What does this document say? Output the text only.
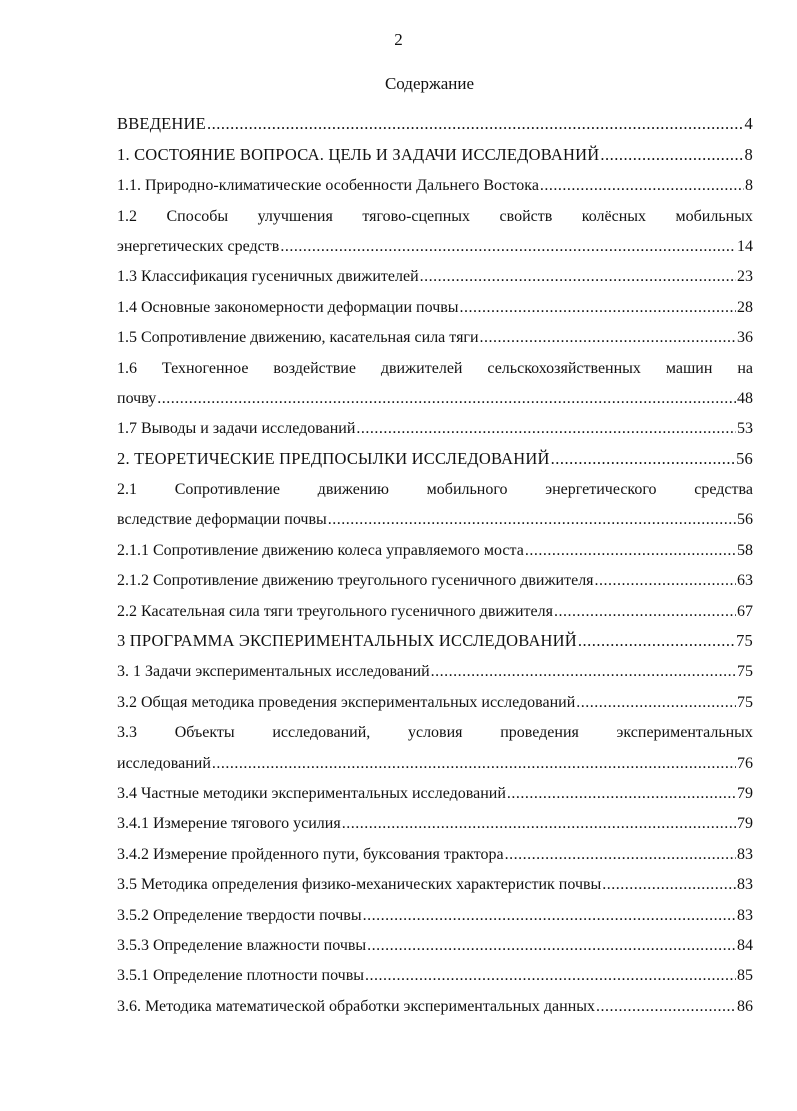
2
Содержание
ВВЕДЕНИЕ .....	4
1. СОСТОЯНИЕ ВОПРОСА. ЦЕЛЬ И ЗАДАЧИ ИССЛЕДОВАНИЙ .....	8
1.1. Природно-климатические особенности Дальнего Востока .....	8
1.2 Способы улучшения тягово-сцепных свойств колёсных мобильных
энергетических средств .....	14
1.3 Классификация гусеничных движителей .....	23
1.4 Основные закономерности деформации почвы .....	28
1.5 Сопротивление движению, касательная сила тяги .....	36
1.6 Техногенное воздействие движителей сельскохозяйственных машин на
почву .....	48
1.7 Выводы и задачи исследований .....	53
2. ТЕОРЕТИЧЕСКИЕ ПРЕДПОСЫЛКИ ИССЛЕДОВАНИЙ .....	56
2.1 Сопротивление движению мобильного энергетического средства
вследствие деформации почвы .....	56
2.1.1 Сопротивление движению колеса управляемого моста .....	58
2.1.2 Сопротивление движению треугольного гусеничного движителя .....	63
2.2 Касательная сила тяги треугольного гусеничного движителя .....	67
3 ПРОГРАММА ЭКСПЕРИМЕНТАЛЬНЫХ ИССЛЕДОВАНИЙ .....	75
3. 1 Задачи экспериментальных исследований .....	75
3.2 Общая методика проведения экспериментальных исследований .....	75
3.3 Объекты исследований, условия проведения экспериментальных
исследований .....	76
3.4 Частные методики экспериментальных исследований .....	79
3.4.1 Измерение тягового усилия .....	79
3.4.2 Измерение пройденного пути, буксования трактора .....	83
3.5 Методика определения физико-механических характеристик почвы .....	83
3.5.2 Определение твердости почвы .....	83
3.5.3 Определение влажности почвы .....	84
3.5.1 Определение плотности почвы .....	85
3.6. Методика математической обработки экспериментальных данных .....	86
